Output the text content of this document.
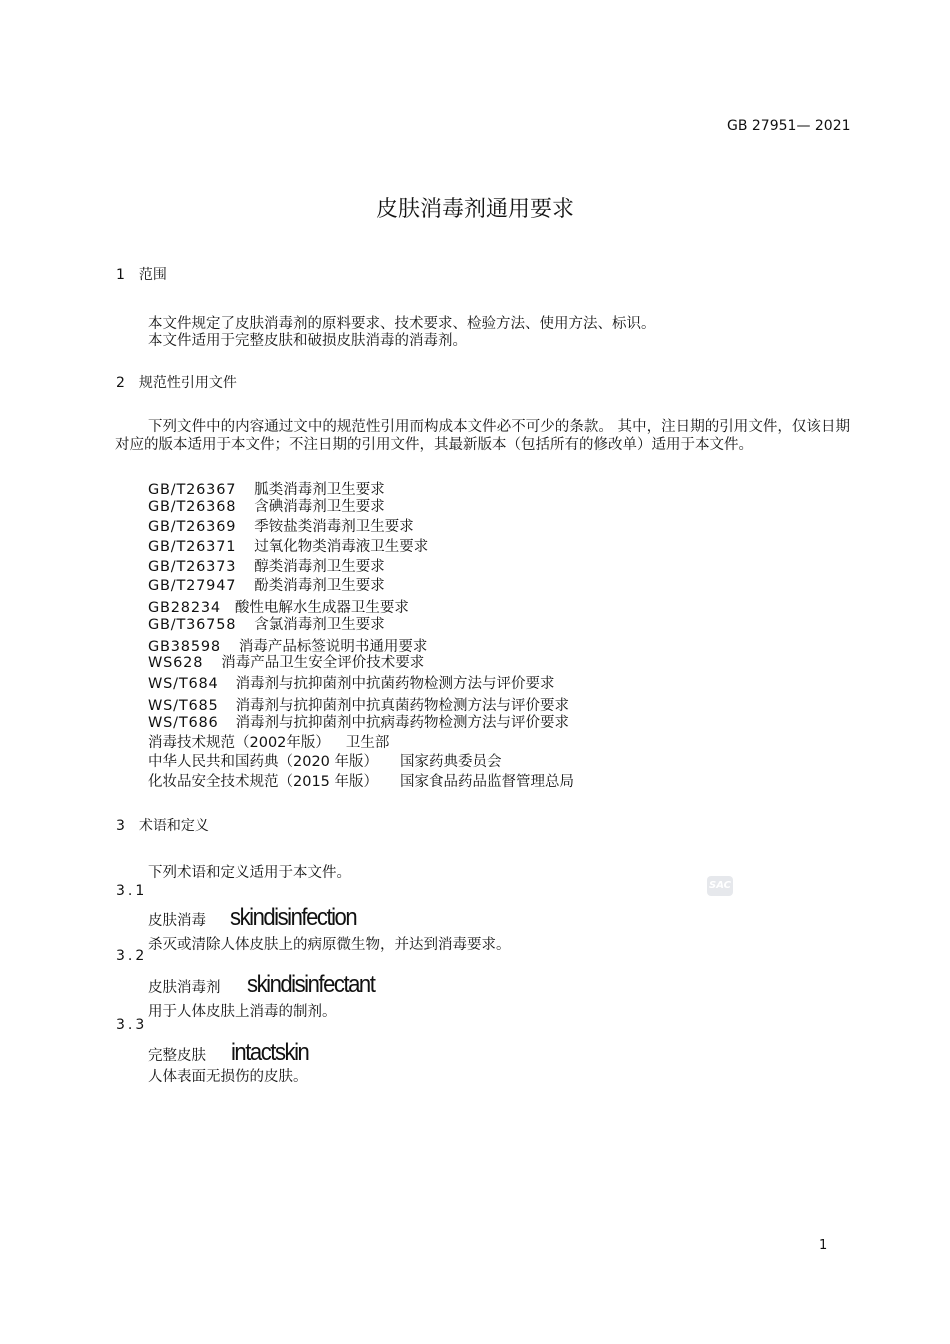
GB 27951— 2021
皮肤消毒剂通用要求
1 范围
本文件规定了皮肤消毒剂的原料要求、技术要求、检验方法、使用方法、标识。
本文件适用于完整皮肤和破损皮肤消毒的消毒剂。
2 规范性引用文件
下列文件中的内容通过文中的规范性引用而构成本文件必不可少的条款。 其中，注日期的引用文件，仅该日期对应的版本适用于本文件；不注日期的引用文件，其最新版本（包括所有的修改单）适用于本文件。
GB/T26367 胍类消毒剂卫生要求
GB/T26368 含碘消毒剂卫生要求
GB/T26369 季铵盐类消毒剂卫生要求
GB/T26371 过氧化物类消毒液卫生要求
GB/T26373 醇类消毒剂卫生要求
GB/T27947 酚类消毒剂卫生要求
GB28234 酸性电解水生成器卫生要求
GB/T36758 含氯消毒剂卫生要求
GB38598 消毒产品标签说明书通用要求
WS628 消毒产品卫生安全评价技术要求
WS/T684 消毒剂与抗抑菌剂中抗菌药物检测方法与评价要求
WS/T685 消毒剂与抗抑菌剂中抗真菌药物检测方法与评价要求
WS/T686 消毒剂与抗抑菌剂中抗病毒药物检测方法与评价要求
消毒技术规范（2002年版） 卫生部
中华人民共和国药典（2020 年版） 国家药典委员会
化妆品安全技术规范（2015 年版） 国家食品药品监督管理总局
3 术语和定义
下列术语和定义适用于本文件。
SAC
3.1
皮肤消毒 skindisinfection
杀灭或清除人体皮肤上的病原微生物，并达到消毒要求。
3.2
皮肤消毒剂 skindisinfectant
用于人体皮肤上消毒的制剂。
3.3
完整皮肤 intactskin
人体表面无损伤的皮肤。
1
